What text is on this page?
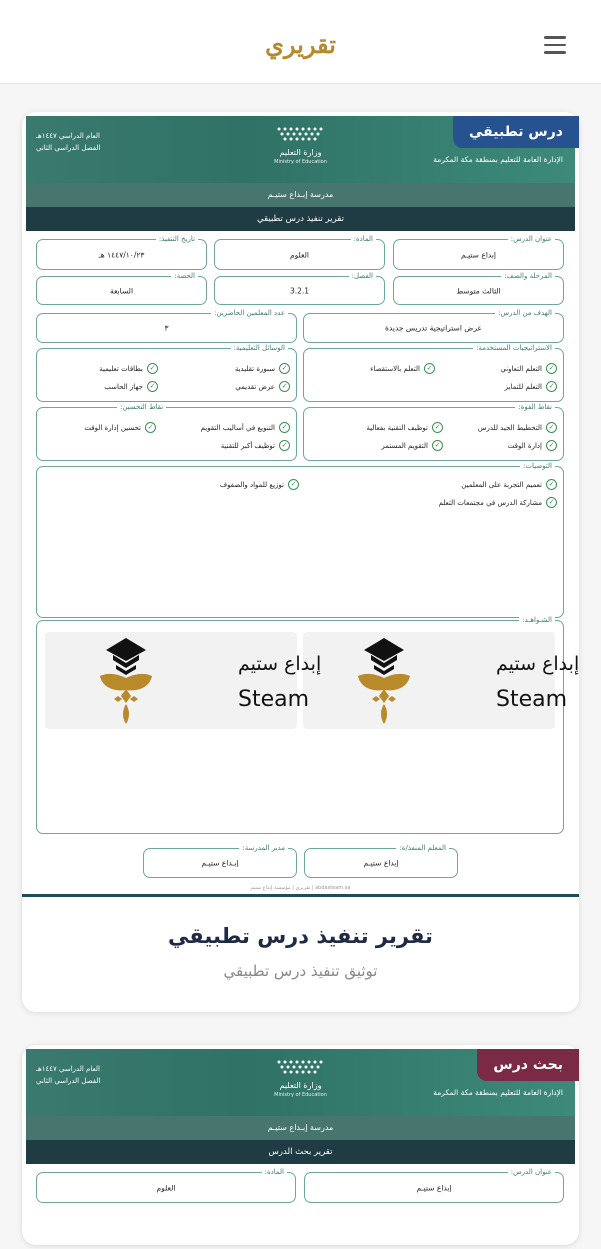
تقريري
العام الدراسي ١٤٤٧هـ
الفصل الدراسي الثاني	وزارة التعليم
Ministry of Education	الإدارة العامة للتعليم بمنطقة مكة المكرمة
درس تطبيقي
مدرسة إبـداع ستيـم
تقرير تنفيذ درس تطبيقي
عنوان الدرس:
إبداع ستيـم
المادة:
العلوم
تاريخ التنفيذ:
١٤٤٧/١٠/٢٣ هـ
المرحلة والصف:
الثالث متوسط
الفصل:
3.2.1
الحصة:
السابعة
الهدف من الدرس:
عرض استراتيجية تدريس جديدة
عدد المعلمين الحاضرين:
٣
الاستراتيجيات المستخدمة:
✓
التعلم التعاوني
✓
التعلم بالاستقصاء
✓
التعلم للتمايز
الوسائل التعليمية:
✓
سبورة تقليدية
✓
بطاقات تعليمية
✓
عرض تقديمي
✓
جهاز الحاسب
نقاط القوة:
✓
التخطيط الجيد للدرس
✓
توظيف التقنية بفعالية
✓
إدارة الوقت
✓
التقويم المستمر
نقاط التحسين:
✓
التنويع في أساليب التقويم
✓
تحسين إدارة الوقت
✓
توظيف أكبر للتقنية
التوصيات:
✓
تعميم التجربة على المعلمين
✓
توزيع للمواد والصفوف
✓
مشاركة الدرس في مجتمعات التعلم
الشـواهـد:
إبداع ستيم
Steam
إبداع ستيم
Steam
المعلم المنفذ/ة:
إبداع ستيـم
مدير المدرسة:
إبـداع ستيـم
تقريري | مؤسسة إبداع ستيم | abdasteam.sa
تقرير تنفيذ درس تطبيقي
توثيق تنفيذ درس تطبيقي
العام الدراسي ١٤٤٧هـ
الفصل الدراسي الثاني	وزارة التعليم
Ministry of Education	الإدارة العامة للتعليم بمنطقة مكة المكرمة
بحث درس
مدرسة إبـداع ستيـم
تقرير بحث الدرس
عنوان الدرس:
إبداع ستيـم
المادة:
العلوم
